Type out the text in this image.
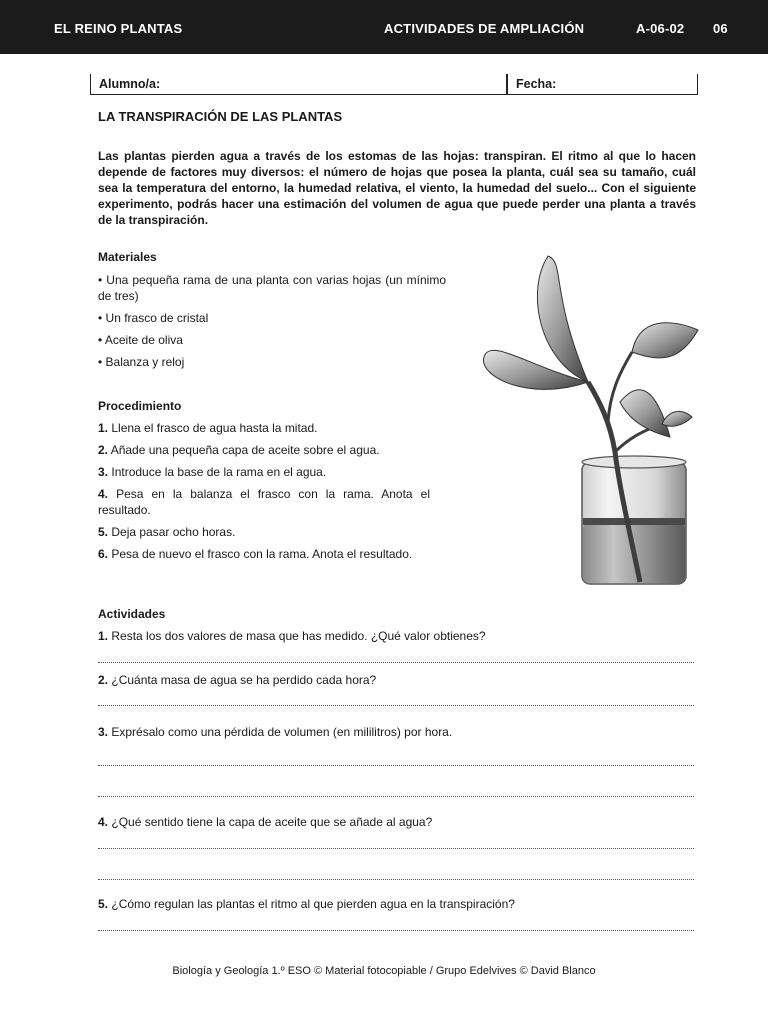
EL REINO PLANTAS	ACTIVIDADES DE AMPLIACIÓN	A-06-02 06
Alumno/a:	Fecha:
LA TRANSPIRACIÓN DE LAS PLANTAS
Las plantas pierden agua a través de los estomas de las hojas: transpiran. El ritmo al que lo hacen depende de factores muy diversos: el número de hojas que posea la planta, cuál sea su tamaño, cuál sea la temperatura del entorno, la humedad relativa, el viento, la humedad del suelo... Con el siguiente experimento, podrás hacer una estimación del volumen de agua que puede perder una planta a través de la transpiración.
Materiales
• Una pequeña rama de una planta con varias hojas (un mínimo de tres)
• Un frasco de cristal
• Aceite de oliva
• Balanza y reloj
Procedimiento
1. Llena el frasco de agua hasta la mitad.
2. Añade una pequeña capa de aceite sobre el agua.
3. Introduce la base de la rama en el agua.
4. Pesa en la balanza el frasco con la rama. Anota el resultado.
5. Deja pasar ocho horas.
6. Pesa de nuevo el frasco con la rama. Anota el resultado.
Actividades
1. Resta los dos valores de masa que has medido. ¿Qué valor obtienes?
2. ¿Cuánta masa de agua se ha perdido cada hora?
3. Exprésalo como una pérdida de volumen (en mililitros) por hora.
4. ¿Qué sentido tiene la capa de aceite que se añade al agua?
5. ¿Cómo regulan las plantas el ritmo al que pierden agua en la transpiración?
Biología y Geología 1.º ESO © Material fotocopiable / Grupo Edelvives © David Blanco
